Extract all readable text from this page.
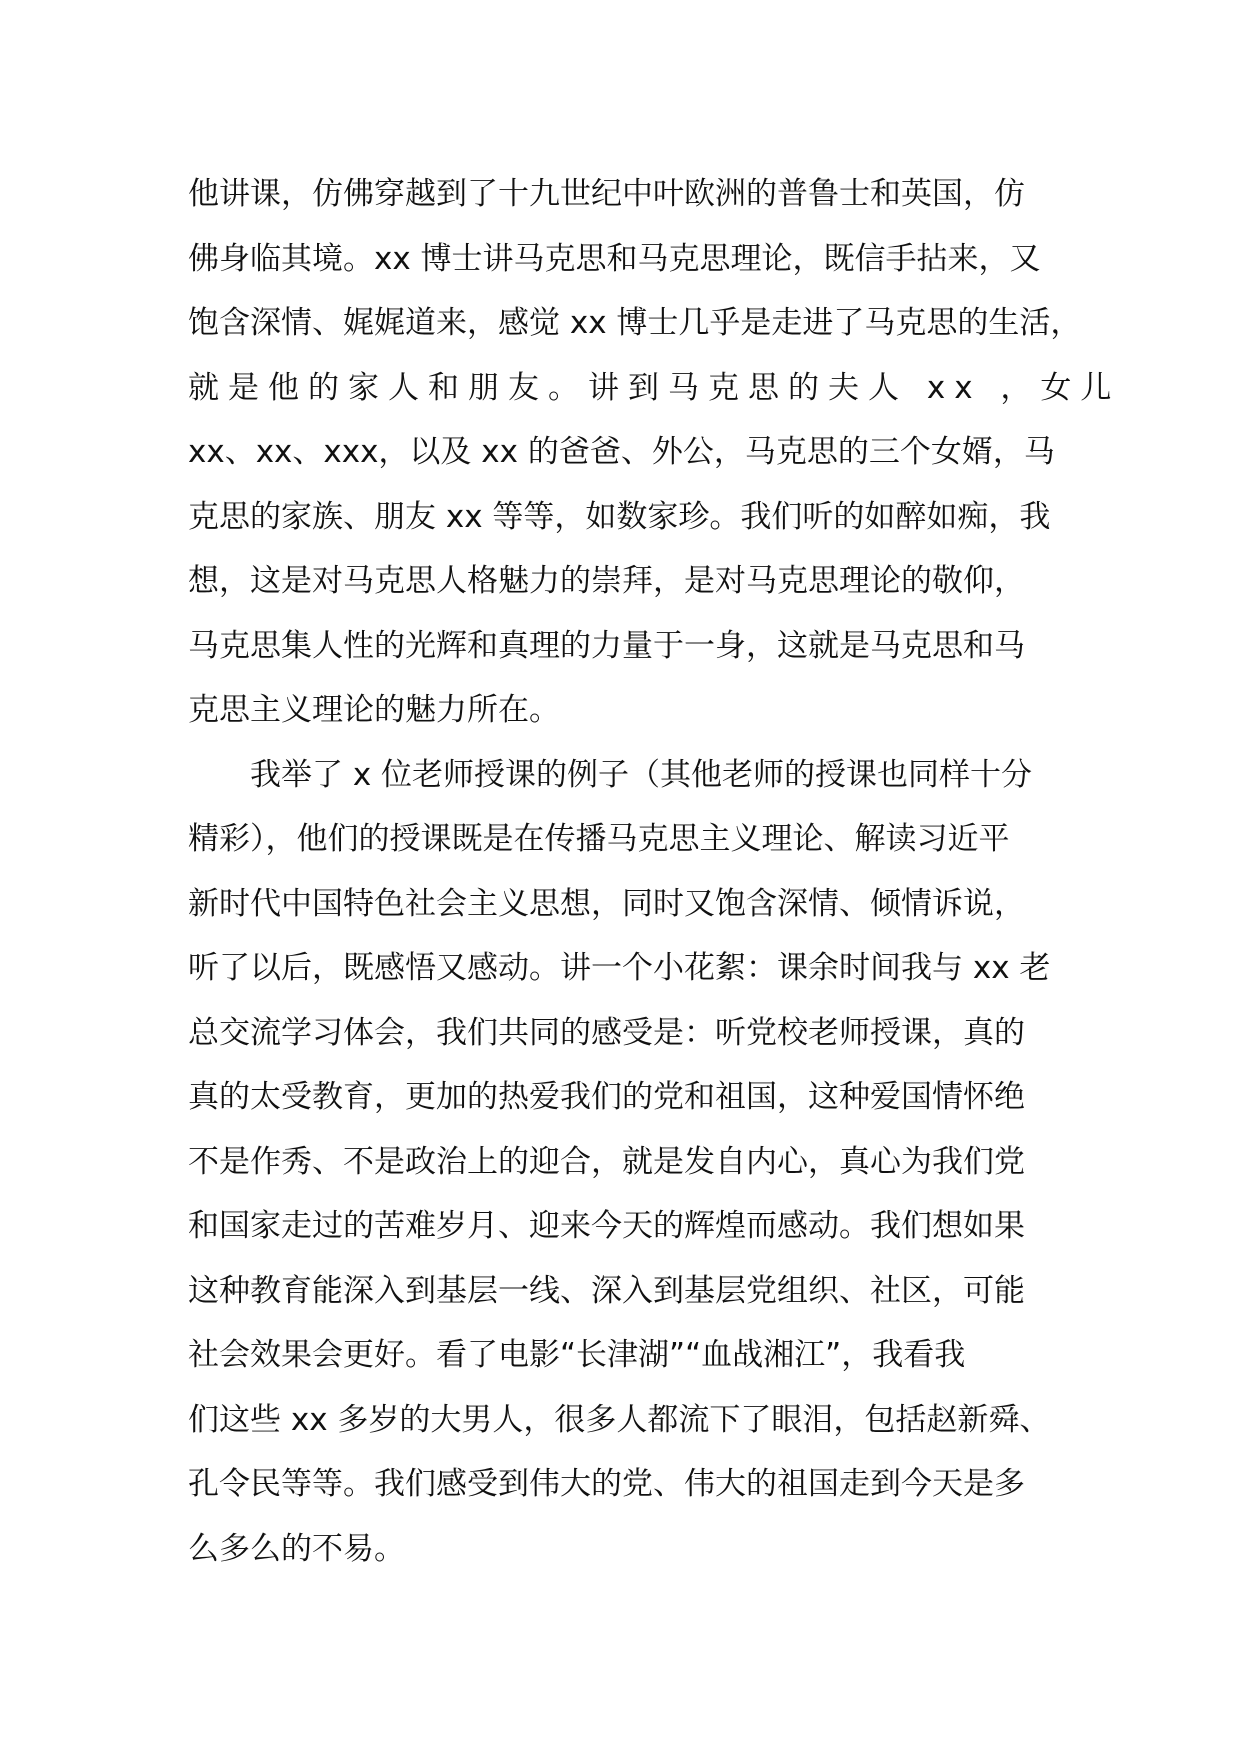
他讲课，仿佛穿越到了十九世纪中叶欧洲的普鲁士和英国，仿
佛身临其境。xx 博士讲马克思和马克思理论，既信手拈来，又
饱含深情、娓娓道来，感觉 xx 博士几乎是走进了马克思的生活，
就是他的家人和朋友。讲到马克思的夫人 xx ，女儿
xx、xx、xxx，以及 xx 的爸爸、外公，马克思的三个女婿，马
克思的家族、朋友 xx 等等，如数家珍。我们听的如醉如痴，我
想，这是对马克思人格魅力的崇拜，是对马克思理论的敬仰，
马克思集人性的光辉和真理的力量于一身，这就是马克思和马
克思主义理论的魅力所在。
我举了 x 位老师授课的例子（其他老师的授课也同样十分
精彩），他们的授课既是在传播马克思主义理论、解读习近平
新时代中国特色社会主义思想，同时又饱含深情、倾情诉说，
听了以后，既感悟又感动。讲一个小花絮：课余时间我与 xx 老
总交流学习体会，我们共同的感受是：听党校老师授课，真的
真的太受教育，更加的热爱我们的党和祖国，这种爱国情怀绝
不是作秀、不是政治上的迎合，就是发自内心，真心为我们党
和国家走过的苦难岁月、迎来今天的辉煌而感动。我们想如果
这种教育能深入到基层一线、深入到基层党组织、社区，可能
社会效果会更好。看了电影“长津湖”“血战湘江”，我看我
们这些 xx 多岁的大男人，很多人都流下了眼泪，包括赵新舜、
孔令民等等。我们感受到伟大的党、伟大的祖国走到今天是多
么多么的不易。
